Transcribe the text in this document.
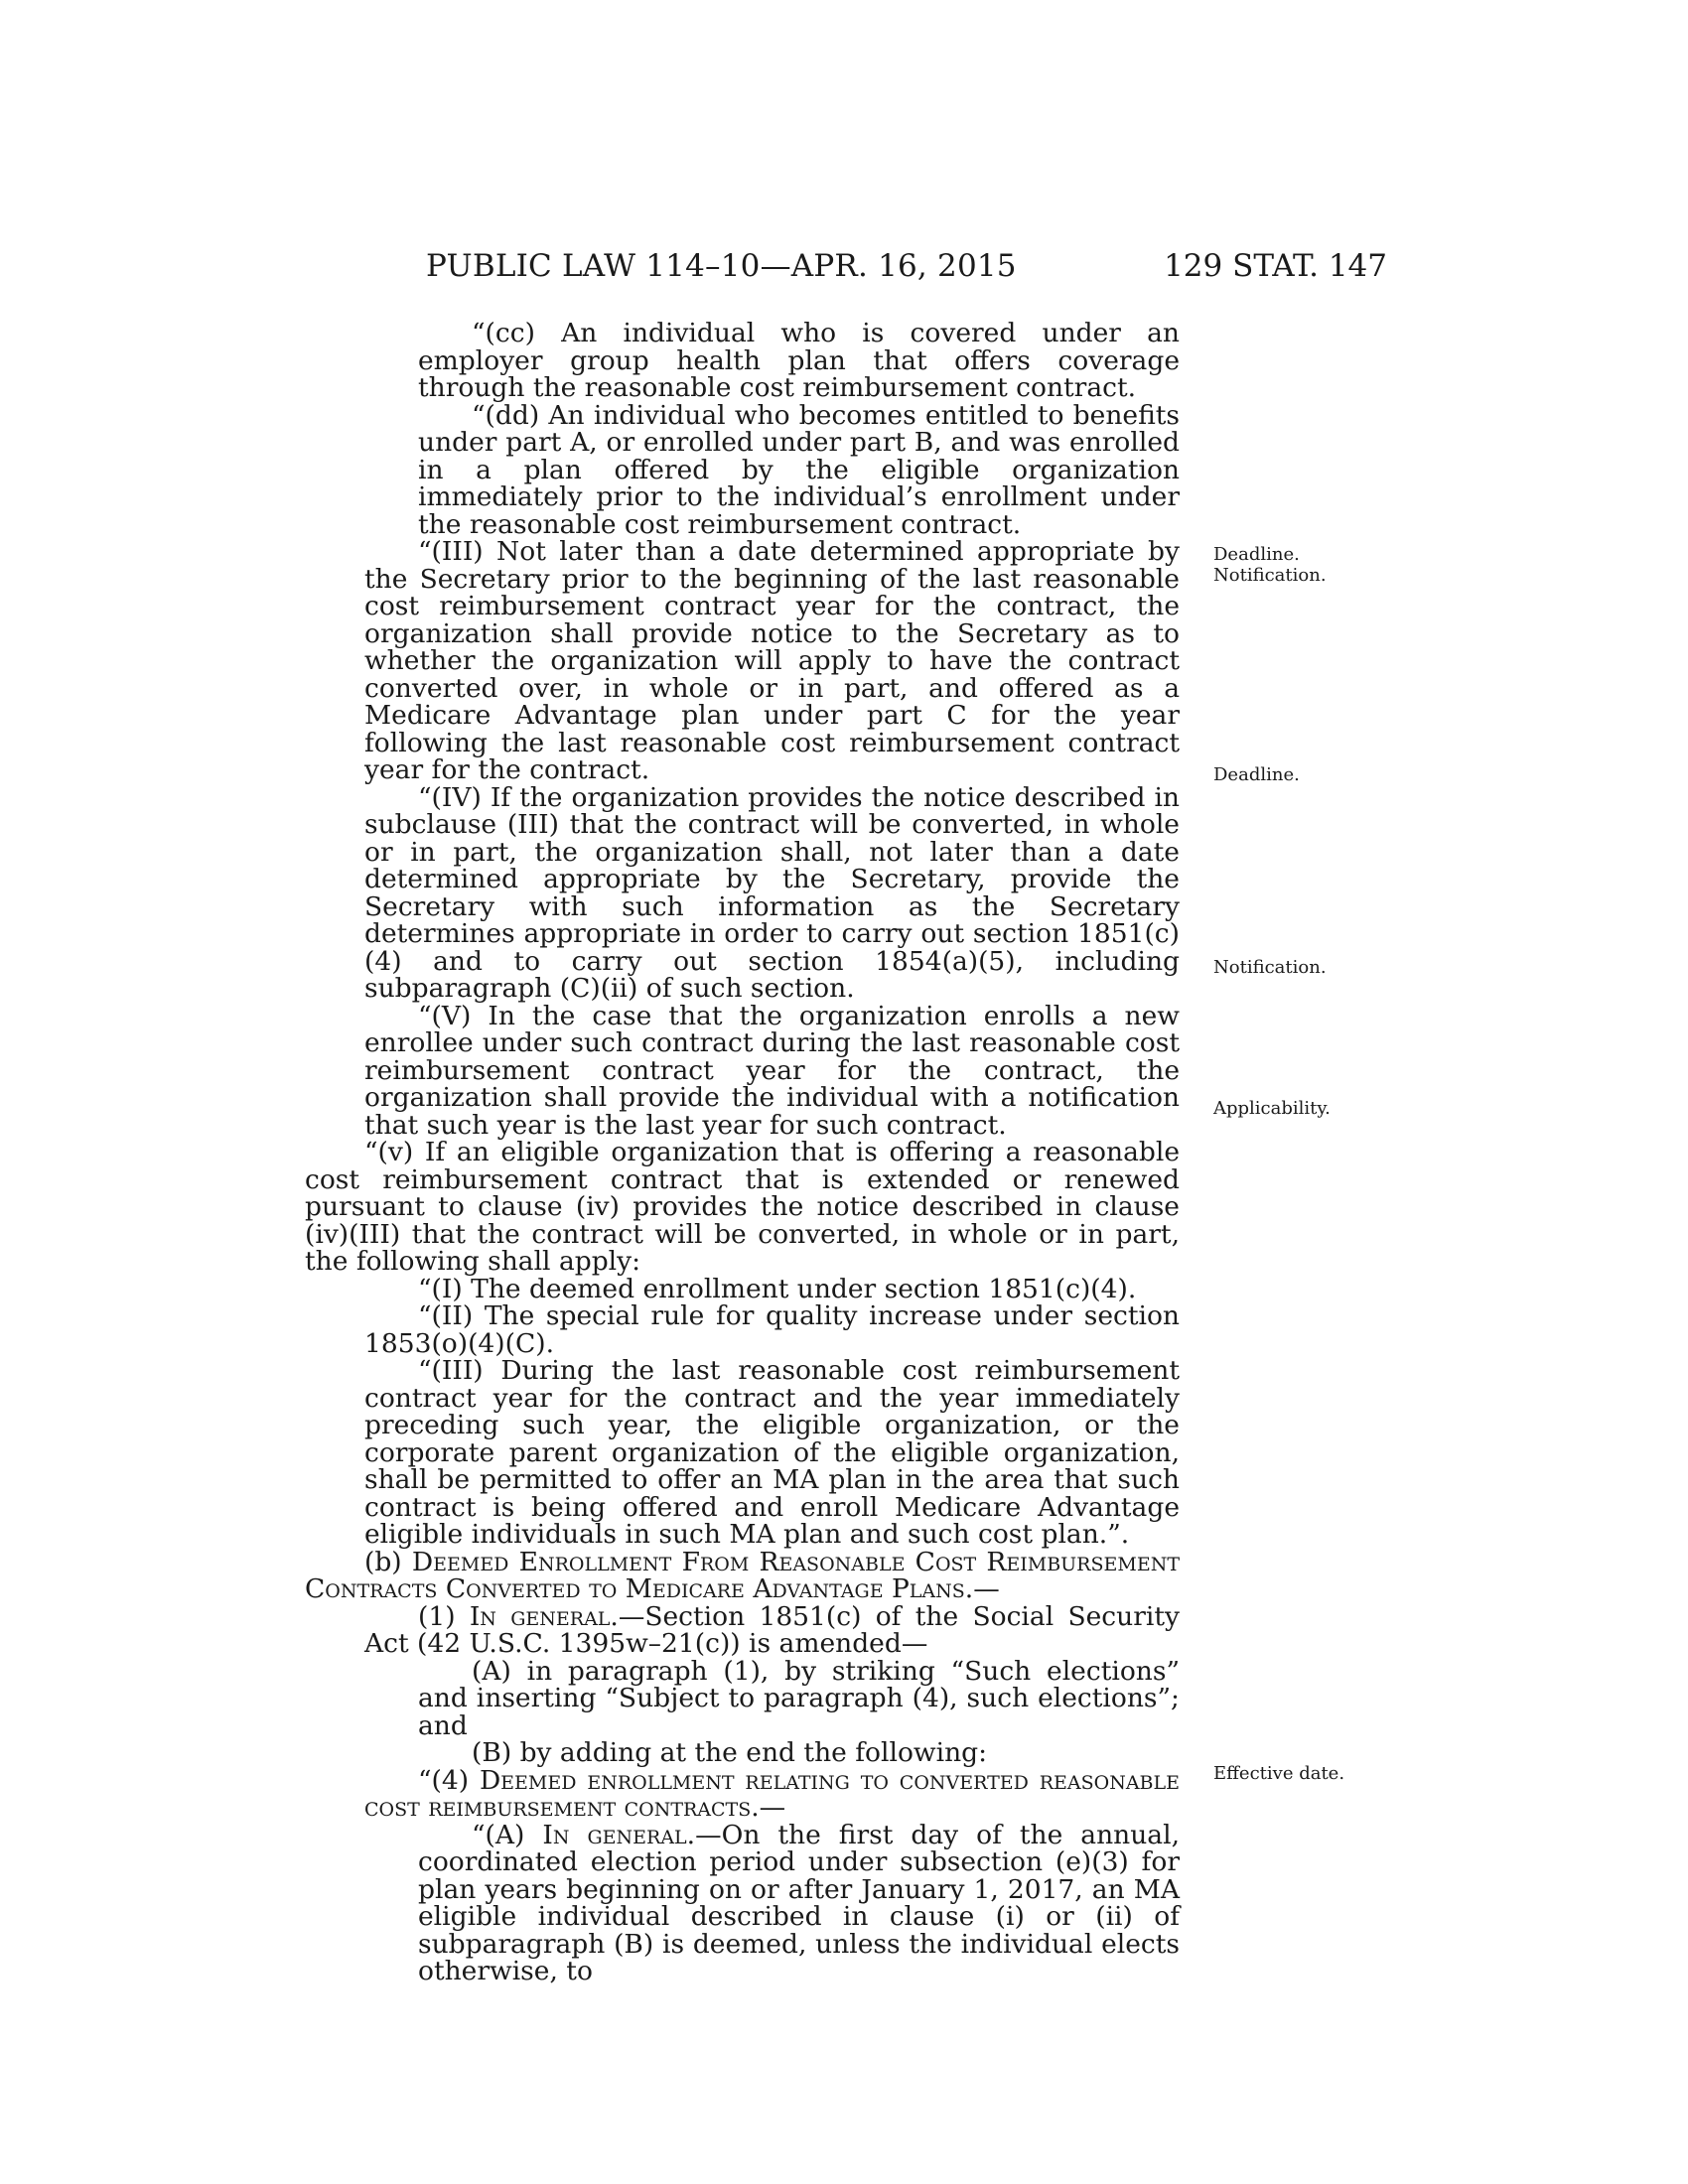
PUBLIC LAW 114–10—APR. 16, 2015	129 STAT. 147

“(cc) An individual who is covered under an employer group health plan that offers coverage through the reasonable cost reimbursement contract.

“(dd) An individual who becomes entitled to benefits under part A, or enrolled under part B, and was enrolled in a plan offered by the eligible organization immediately prior to the individual’s enrollment under the reasonable cost reimbursement contract.

“(III) Not later than a date determined appropriate by the Secretary prior to the beginning of the last reasonable cost reimbursement contract year for the contract, the organization shall provide notice to the Secretary as to whether the organization will apply to have the contract converted over, in whole or in part, and offered as a Medicare Advantage plan under part C for the year following the last reasonable cost reimbursement contract year for the contract.

“(IV) If the organization provides the notice described in subclause (III) that the contract will be converted, in whole or in part, the organization shall, not later than a date determined appropriate by the Secretary, provide the Secretary with such information as the Secretary determines appropriate in order to carry out section 1851(c)(4) and to carry out section 1854(a)(5), including subparagraph (C)(ii) of such section.

“(V) In the case that the organization enrolls a new enrollee under such contract during the last reasonable cost reimbursement contract year for the contract, the organization shall provide the individual with a notification that such year is the last year for such contract.

“(v) If an eligible organization that is offering a reasonable cost reimbursement contract that is extended or renewed pursuant to clause (iv) provides the notice described in clause (iv)(III) that the contract will be converted, in whole or in part, the following shall apply:

“(I) The deemed enrollment under section 1851(c)(4).

“(II) The special rule for quality increase under section 1853(o)(4)(C).

“(III) During the last reasonable cost reimbursement contract year for the contract and the year immediately preceding such year, the eligible organization, or the corporate parent organization of the eligible organization, shall be permitted to offer an MA plan in the area that such contract is being offered and enroll Medicare Advantage eligible individuals in such MA plan and such cost plan.”.

(b) Deemed Enrollment From Reasonable Cost Reimbursement Contracts Converted to Medicare Advantage Plans.—

(1) In general.—Section 1851(c) of the Social Security Act (42 U.S.C. 1395w–21(c)) is amended—

(A) in paragraph (1), by striking “Such elections” and inserting “Subject to paragraph (4), such elections”; and

(B) by adding at the end the following:

“(4) Deemed enrollment relating to converted reasonable cost reimbursement contracts.—

“(A) In general.—On the first day of the annual, coordinated election period under subsection (e)(3) for plan years beginning on or after January 1, 2017, an MA eligible individual described in clause (i) or (ii) of subparagraph (B) is deemed, unless the individual elects otherwise, to

Deadline.
Notification.
Deadline.
Notification.
Applicability.
Effective date.
